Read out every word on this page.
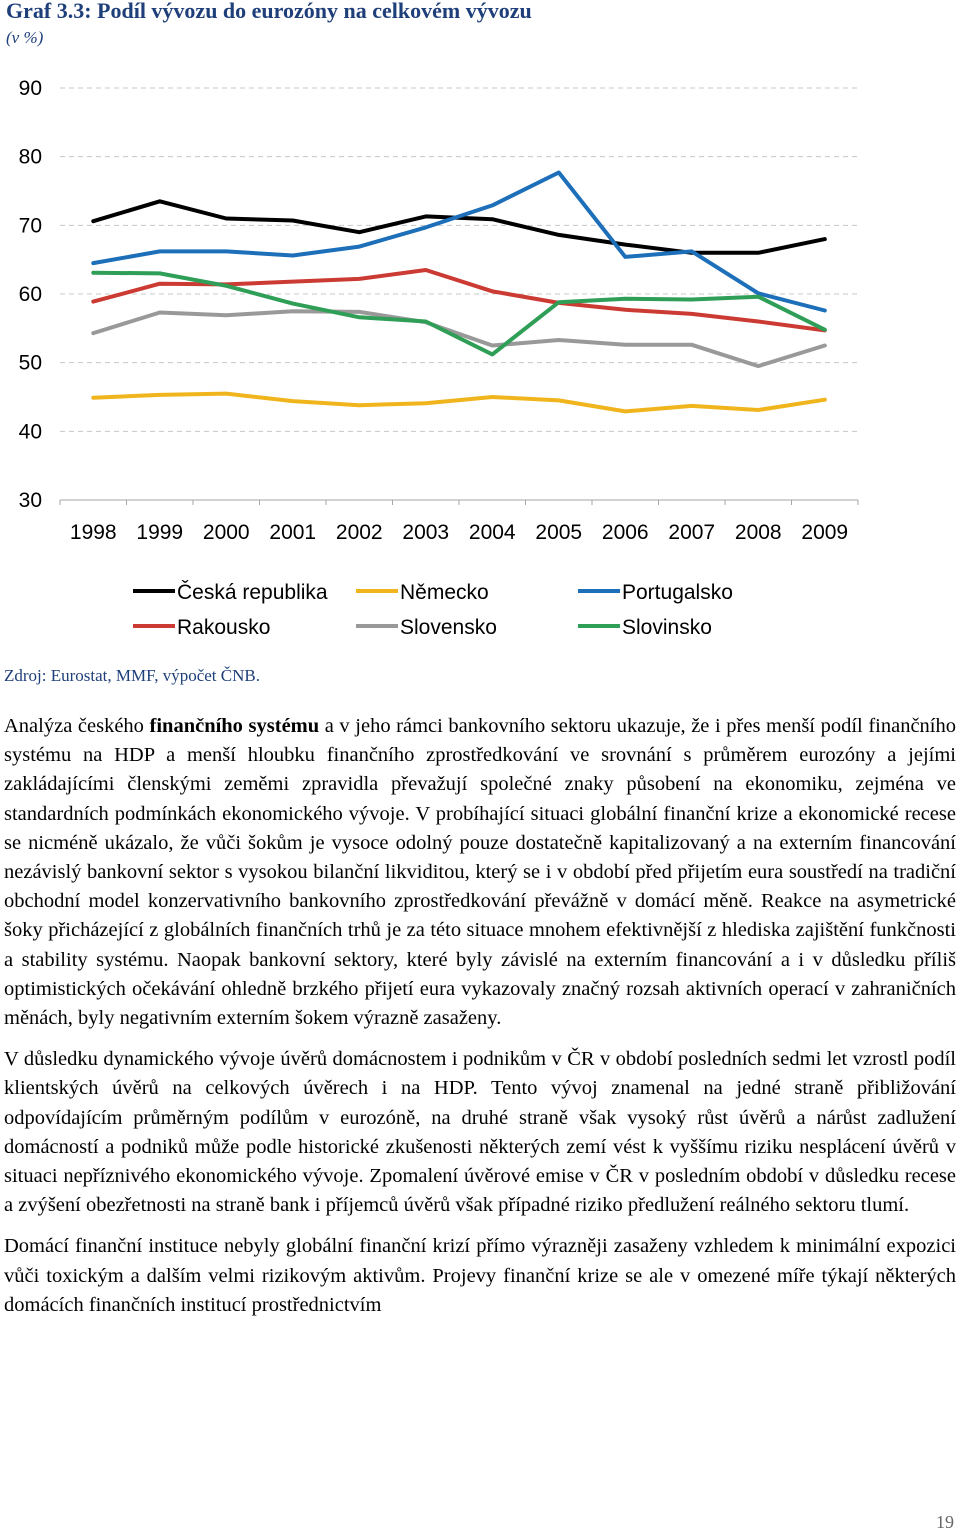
Graf 3.3: Podíl vývozu do eurozóny na celkovém vývozu
(v %)
30
40
50
60
70
80
90
1998 1999 2000 2001 2002 2003 2004 2005 2006 2007 2008 2009
Česká republika	Německo	Portugalsko
Rakousko	Slovensko	Slovinsko
Zdroj: Eurostat, MMF, výpočet ČNB.

Analýza českého finančního systému a v jeho rámci bankovního sektoru ukazuje, že i přes menší podíl finančního systému na HDP a menší hloubku finančního zprostředkování ve srovnání s průměrem eurozóny a jejími zakládajícími členskými zeměmi zpravidla převažují společné znaky působení na ekonomiku, zejména ve standardních podmínkách ekonomického vývoje. V probíhající situaci globální finanční krize a ekonomické recese se nicméně ukázalo, že vůči šokům je vysoce odolný pouze dostatečně kapitalizovaný a na externím financování nezávislý bankovní sektor s vysokou bilanční likviditou, který se i v období před přijetím eura soustředí na tradiční obchodní model konzervativního bankovního zprostředkování převážně v domácí měně. Reakce na asymetrické šoky přicházející z globálních finančních trhů je za této situace mnohem efektivnější z hlediska zajištění funkčnosti a stability systému. Naopak bankovní sektory, které byly závislé na externím financování a i v důsledku příliš optimistických očekávání ohledně brzkého přijetí eura vykazovaly značný rozsah aktivních operací v zahraničních měnách, byly negativním externím šokem výrazně zasaženy.

V důsledku dynamického vývoje úvěrů domácnostem i podnikům v ČR v období posledních sedmi let vzrostl podíl klientských úvěrů na celkových úvěrech i na HDP. Tento vývoj znamenal na jedné straně přibližování odpovídajícím průměrným podílům v eurozóně, na druhé straně však vysoký růst úvěrů a nárůst zadlužení domácností a podniků může podle historické zkušenosti některých zemí vést k vyššímu riziku nesplácení úvěrů v situaci nepříznivého ekonomického vývoje. Zpomalení úvěrové emise v ČR v posledním období v důsledku recese a zvýšení obezřetnosti na straně bank i příjemců úvěrů však případné riziko předlužení reálného sektoru tlumí.

Domácí finanční instituce nebyly globální finanční krizí přímo výrazněji zasaženy vzhledem k minimální expozici vůči toxickým a dalším velmi rizikovým aktivům. Projevy finanční krize se ale v omezené míře týkají některých domácích finančních institucí prostřednictvím

19
